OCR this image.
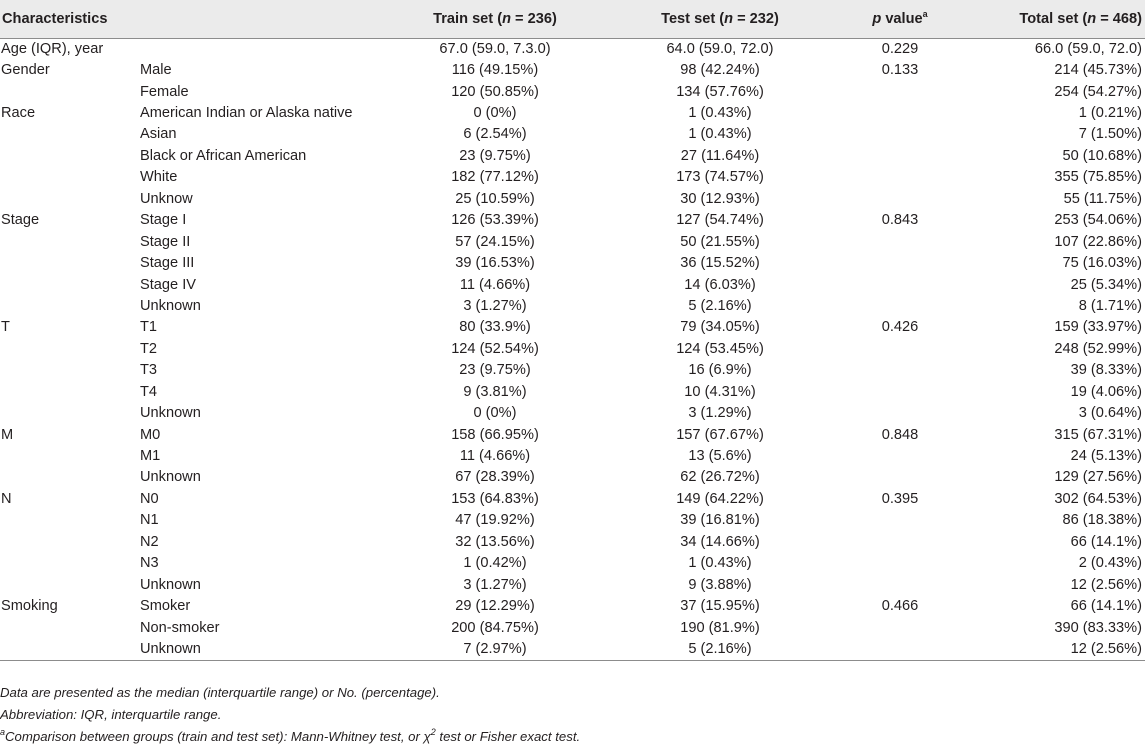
Characteristics		Train set (n = 236)	Test set (n = 232)	p value$^a$	Total set (n = 468)
Age (IQR), year		67.0 (59.0, 7.3.0)	64.0 (59.0, 72.0)	0.229	66.0 (59.0, 72.0)
Gender	Male	116 (49.15%)	98 (42.24%)	0.133	214 (45.73%)
	Female	120 (50.85%)	134 (57.76%)		254 (54.27%)
Race	American Indian or Alaska native	0 (0%)	1 (0.43%)		1 (0.21%)
	Asian	6 (2.54%)	1 (0.43%)		7 (1.50%)
	Black or African American	23 (9.75%)	27 (11.64%)		50 (10.68%)
	White	182 (77.12%)	173 (74.57%)		355 (75.85%)
	Unknow	25 (10.59%)	30 (12.93%)		55 (11.75%)
Stage	Stage I	126 (53.39%)	127 (54.74%)	0.843	253 (54.06%)
	Stage II	57 (24.15%)	50 (21.55%)		107 (22.86%)
	Stage III	39 (16.53%)	36 (15.52%)		75 (16.03%)
	Stage IV	11 (4.66%)	14 (6.03%)		25 (5.34%)
	Unknown	3 (1.27%)	5 (2.16%)		8 (1.71%)
T	T1	80 (33.9%)	79 (34.05%)	0.426	159 (33.97%)
	T2	124 (52.54%)	124 (53.45%)		248 (52.99%)
	T3	23 (9.75%)	16 (6.9%)		39 (8.33%)
	T4	9 (3.81%)	10 (4.31%)		19 (4.06%)
	Unknown	0 (0%)	3 (1.29%)		3 (0.64%)
M	M0	158 (66.95%)	157 (67.67%)	0.848	315 (67.31%)
	M1	11 (4.66%)	13 (5.6%)		24 (5.13%)
	Unknown	67 (28.39%)	62 (26.72%)		129 (27.56%)
N	N0	153 (64.83%)	149 (64.22%)	0.395	302 (64.53%)
	N1	47 (19.92%)	39 (16.81%)		86 (18.38%)
	N2	32 (13.56%)	34 (14.66%)		66 (14.1%)
	N3	1 (0.42%)	1 (0.43%)		2 (0.43%)
	Unknown	3 (1.27%)	9 (3.88%)		12 (2.56%)
Smoking	Smoker	29 (12.29%)	37 (15.95%)	0.466	66 (14.1%)
	Non-smoker	200 (84.75%)	190 (81.9%)		390 (83.33%)
	Unknown	7 (2.97%)	5 (2.16%)		12 (2.56%)
Data are presented as the median (interquartile range) or No. (percentage).
Abbreviation: IQR, interquartile range.
$^a$Comparison between groups (train and test set): Mann-Whitney test, or $\chi^2$ test or Fisher exact test.
